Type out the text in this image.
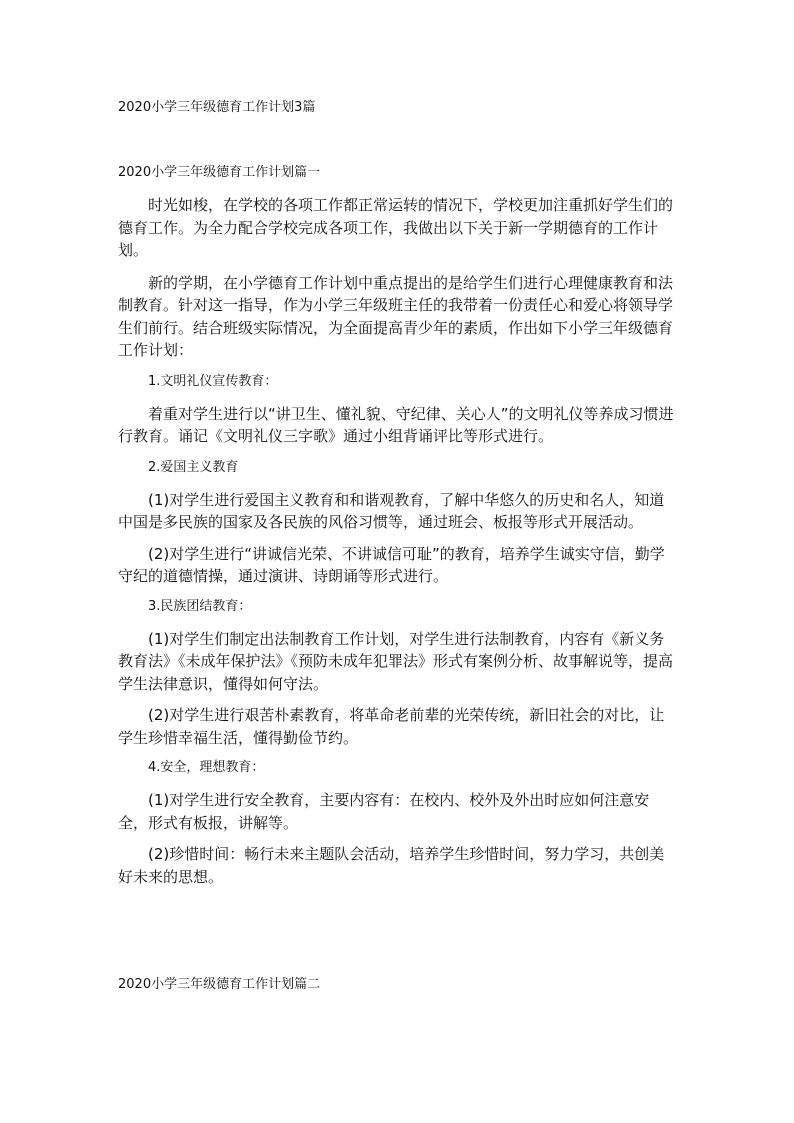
2020小学三年级德育工作计划3篇
2020小学三年级德育工作计划篇一

时光如梭，在学校的各项工作都正常运转的情况下，学校更加注重抓好学生们的德育工作。为全力配合学校完成各项工作，我做出以下关于新一学期德育的工作计划。

新的学期，在小学德育工作计划中重点提出的是给学生们进行心理健康教育和法制教育。针对这一指导，作为小学三年级班主任的我带着一份责任心和爱心将领导学生们前行。结合班级实际情况，为全面提高青少年的素质，作出如下小学三年级德育工作计划：

1.文明礼仪宣传教育：

着重对学生进行以“讲卫生、懂礼貌、守纪律、关心人”的文明礼仪等养成习惯进行教育。诵记《文明礼仪三字歌》通过小组背诵评比等形式进行。

2.爱国主义教育

(1)对学生进行爱国主义教育和和谐观教育，了解中华悠久的历史和名人，知道中国是多民族的国家及各民族的风俗习惯等，通过班会、板报等形式开展活动。

(2)对学生进行“讲诚信光荣、不讲诚信可耻”的教育，培养学生诚实守信，勤学守纪的道德情操，通过演讲、诗朗诵等形式进行。

3.民族团结教育：

(1)对学生们制定出法制教育工作计划，对学生进行法制教育，内容有《新义务教育法》《未成年保护法》《预防未成年犯罪法》形式有案例分析、故事解说等，提高学生法律意识，懂得如何守法。

(2)对学生进行艰苦朴素教育，将革命老前辈的光荣传统，新旧社会的对比，让学生珍惜幸福生活，懂得勤俭节约。

4.安全，理想教育：

(1)对学生进行安全教育，主要内容有：在校内、校外及外出时应如何注意安全，形式有板报，讲解等。

(2)珍惜时间：畅行未来主题队会活动，培养学生珍惜时间，努力学习，共创美好未来的思想。

2020小学三年级德育工作计划篇二
